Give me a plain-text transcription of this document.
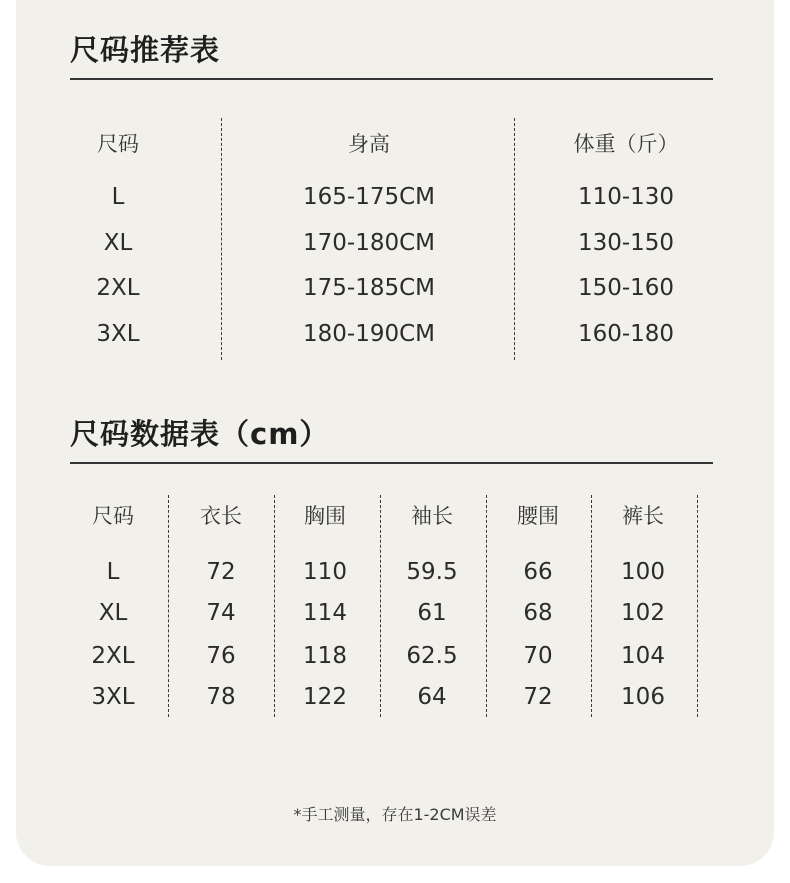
尺码推荐表
尺码	身高	体重（斤）
L	165-175CM	110-130
XL	170-180CM	130-150
2XL	175-185CM	150-160
3XL	180-190CM	160-180
尺码数据表（cm）
尺码	衣长	胸围	袖长	腰围	裤长
L	72	110	59.5	66	100
XL	74	114	61	68	102
2XL	76	118	62.5	70	104
3XL	78	122	64	72	106
*手工测量，存在1-2CM误差
